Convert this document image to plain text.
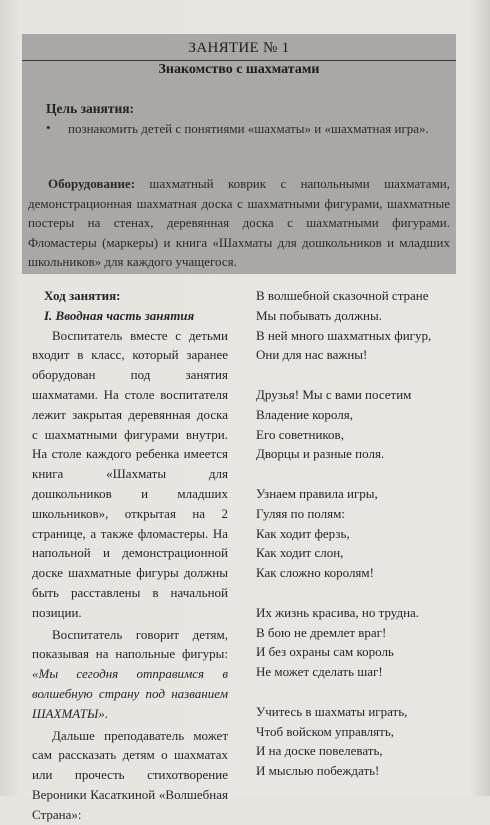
ЗАНЯТИЕ № 1
Знакомство с шахматами
Цель занятия:
• познакомить детей с понятиями «шахматы» и «шахматная игра».
Оборудование: шахматный коврик с напольными шахматами, демонстрационная шахматная доска с шахматными фигурами, шахматные постеры на стенах, деревянная доска с шахматными фигурами. Фломастеры (маркеры) и книга «Шахматы для дошкольников и младших школьников» для каждого учащегося.
Ход занятия:
I. Вводная часть занятия

Воспитатель вместе с детьми входит в класс, который заранее оборудован под занятия шахматами. На столе воспитателя лежит закрытая деревянная доска с шахматными фигурами внутри. На столе каждого ребенка имеется книга «Шахматы для дошкольников и младших школьников», открытая на 2 странице, а также фломастеры. На напольной и демонстрационной доске шахматные фигуры должны быть расставлены в начальной позиции.

Воспитатель говорит детям, показывая на напольные фигуры: «Мы сегодня отправимся в волшебную страну под названием ШАХМАТЫ».

Дальше преподаватель может сам рассказать детям о шахматах или прочесть стихотворение Вероники Касаткиной «Волшебная Страна»:

В волшебной сказочной стране
Мы побывать должны.
В ней много шахматных фигур,
Они для нас важны!
Друзья! Мы с вами посетим
Владение короля,
Его советников,
Дворцы и разные поля.
Узнаем правила игры,
Гуляя по полям:
Как ходит ферзь,
Как ходит слон,
Как сложно королям!
Их жизнь красива, но трудна.
В бою не дремлет враг!
И без охраны сам король
Не может сделать шаг!
Учитесь в шахматы играть,
Чтоб войском управлять,
И на доске повелевать,
И мыслью побеждать!
